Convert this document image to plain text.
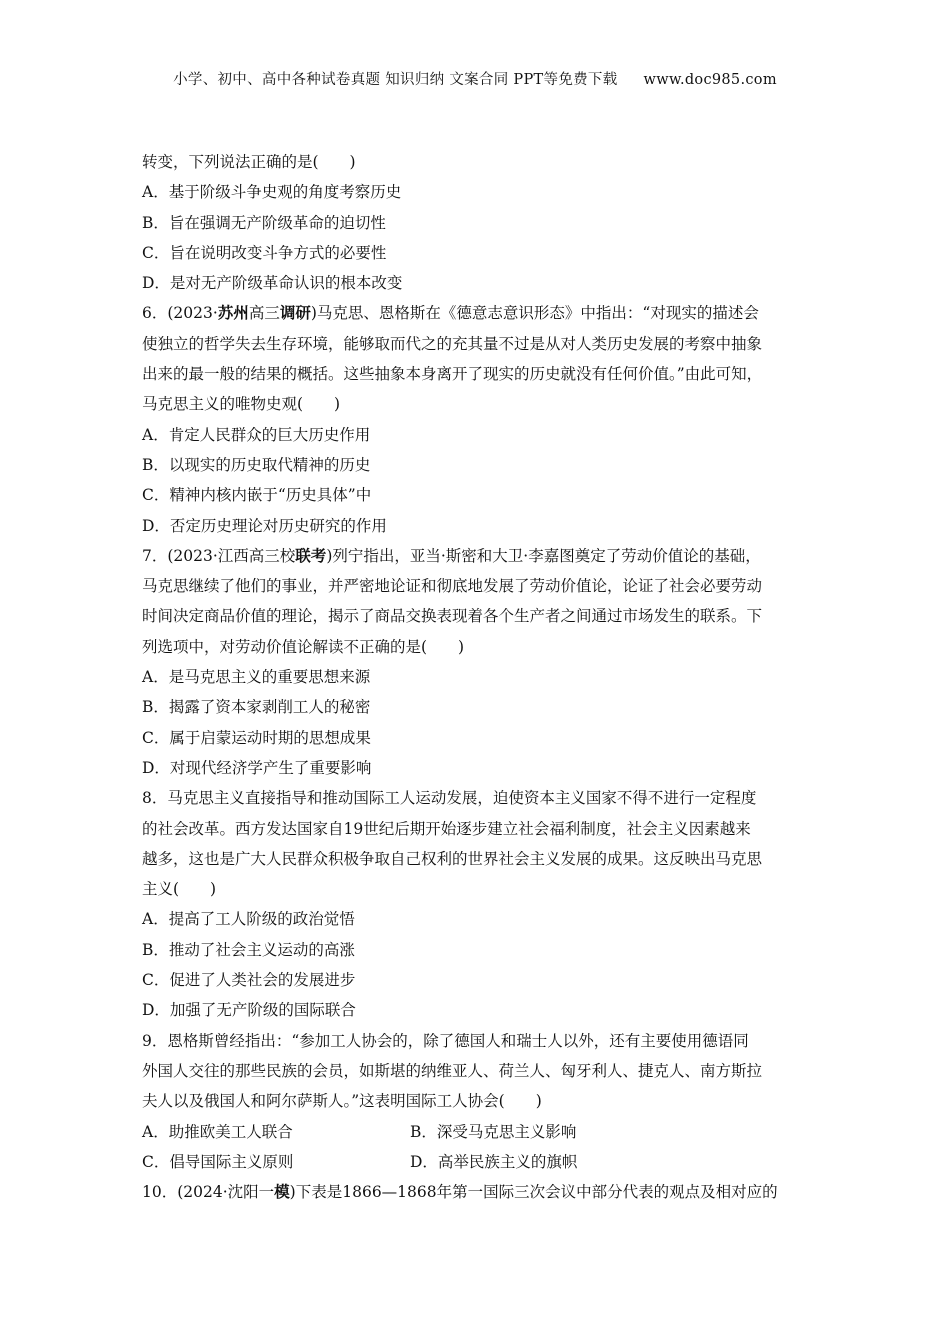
小学、初中、高中各种试卷真题 知识归纳 文案合同 PPT等免费下载 www.doc985.com

转变，下列说法正确的是(　　)

A．基于阶级斗争史观的角度考察历史

B．旨在强调无产阶级革命的迫切性

C．旨在说明改变斗争方式的必要性

D．是对无产阶级革命认识的根本改变

6．(2023·苏州高三调研)马克思、恩格斯在《德意志意识形态》中指出：“对现实的描述会

使独立的哲学失去生存环境，能够取而代之的充其量不过是从对人类历史发展的考察中抽象

出来的最一般的结果的概括。这些抽象本身离开了现实的历史就没有任何价值。”由此可知，

马克思主义的唯物史观(　　)

A．肯定人民群众的巨大历史作用

B．以现实的历史取代精神的历史

C．精神内核内嵌于“历史具体”中

D．否定历史理论对历史研究的作用

7．(2023·江西高三校联考)列宁指出，亚当·斯密和大卫·李嘉图奠定了劳动价值论的基础，

马克思继续了他们的事业，并严密地论证和彻底地发展了劳动价值论，论证了社会必要劳动

时间决定商品价值的理论，揭示了商品交换表现着各个生产者之间通过市场发生的联系。下

列选项中，对劳动价值论解读不正确的是(　　)

A．是马克思主义的重要思想来源

B．揭露了资本家剥削工人的秘密

C．属于启蒙运动时期的思想成果

D．对现代经济学产生了重要影响

8．马克思主义直接指导和推动国际工人运动发展，迫使资本主义国家不得不进行一定程度

的社会改革。西方发达国家自19世纪后期开始逐步建立社会福利制度，社会主义因素越来

越多，这也是广大人民群众积极争取自己权利的世界社会主义发展的成果。这反映出马克思

主义(　　)

A．提高了工人阶级的政治觉悟

B．推动了社会主义运动的高涨

C．促进了人类社会的发展进步

D．加强了无产阶级的国际联合

9．恩格斯曾经指出：“参加工人协会的，除了德国人和瑞士人以外，还有主要使用德语同

外国人交往的那些民族的会员，如斯堪的纳维亚人、荷兰人、匈牙利人、捷克人、南方斯拉

夫人以及俄国人和阿尔萨斯人。”这表明国际工人协会(　　)

A．助推欧美工人联合	B．深受马克思主义影响

C．倡导国际主义原则	D．高举民族主义的旗帜

10．(2024·沈阳一模)下表是1866—1868年第一国际三次会议中部分代表的观点及相对应的
